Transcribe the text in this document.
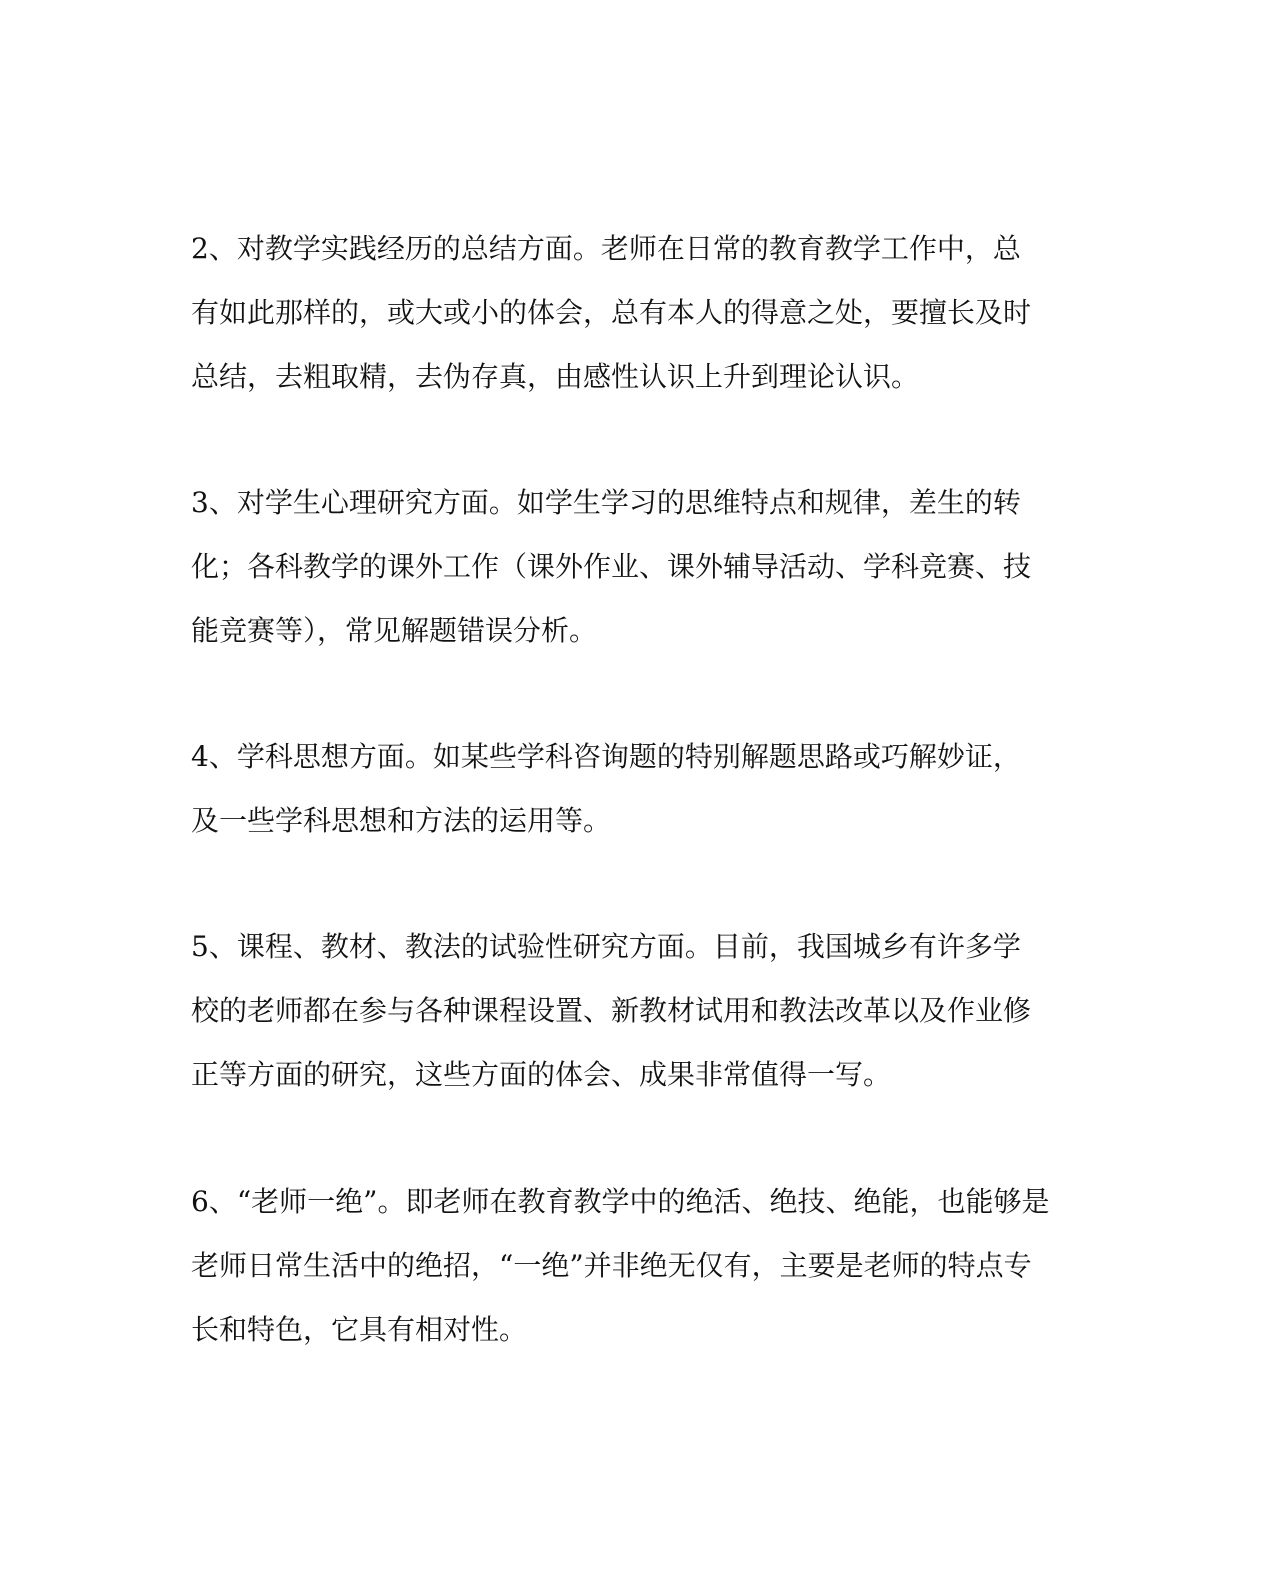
2、对教学实践经历的总结方面。老师在日常的教育教学工作中，总
有如此那样的，或大或小的体会，总有本人的得意之处，要擅长及时
总结，去粗取精，去伪存真，由感性认识上升到理论认识。
3、对学生心理研究方面。如学生学习的思维特点和规律，差生的转
化；各科教学的课外工作（课外作业、课外辅导活动、学科竞赛、技
能竞赛等），常见解题错误分析。
4、学科思想方面。如某些学科咨询题的特别解题思路或巧解妙证，
及一些学科思想和方法的运用等。
5、课程、教材、教法的试验性研究方面。目前，我国城乡有许多学
校的老师都在参与各种课程设置、新教材试用和教法改革以及作业修
正等方面的研究，这些方面的体会、成果非常值得一写。
6、“老师一绝”。即老师在教育教学中的绝活、绝技、绝能，也能够是
老师日常生活中的绝招，“一绝”并非绝无仅有，主要是老师的特点专
长和特色，它具有相对性。
